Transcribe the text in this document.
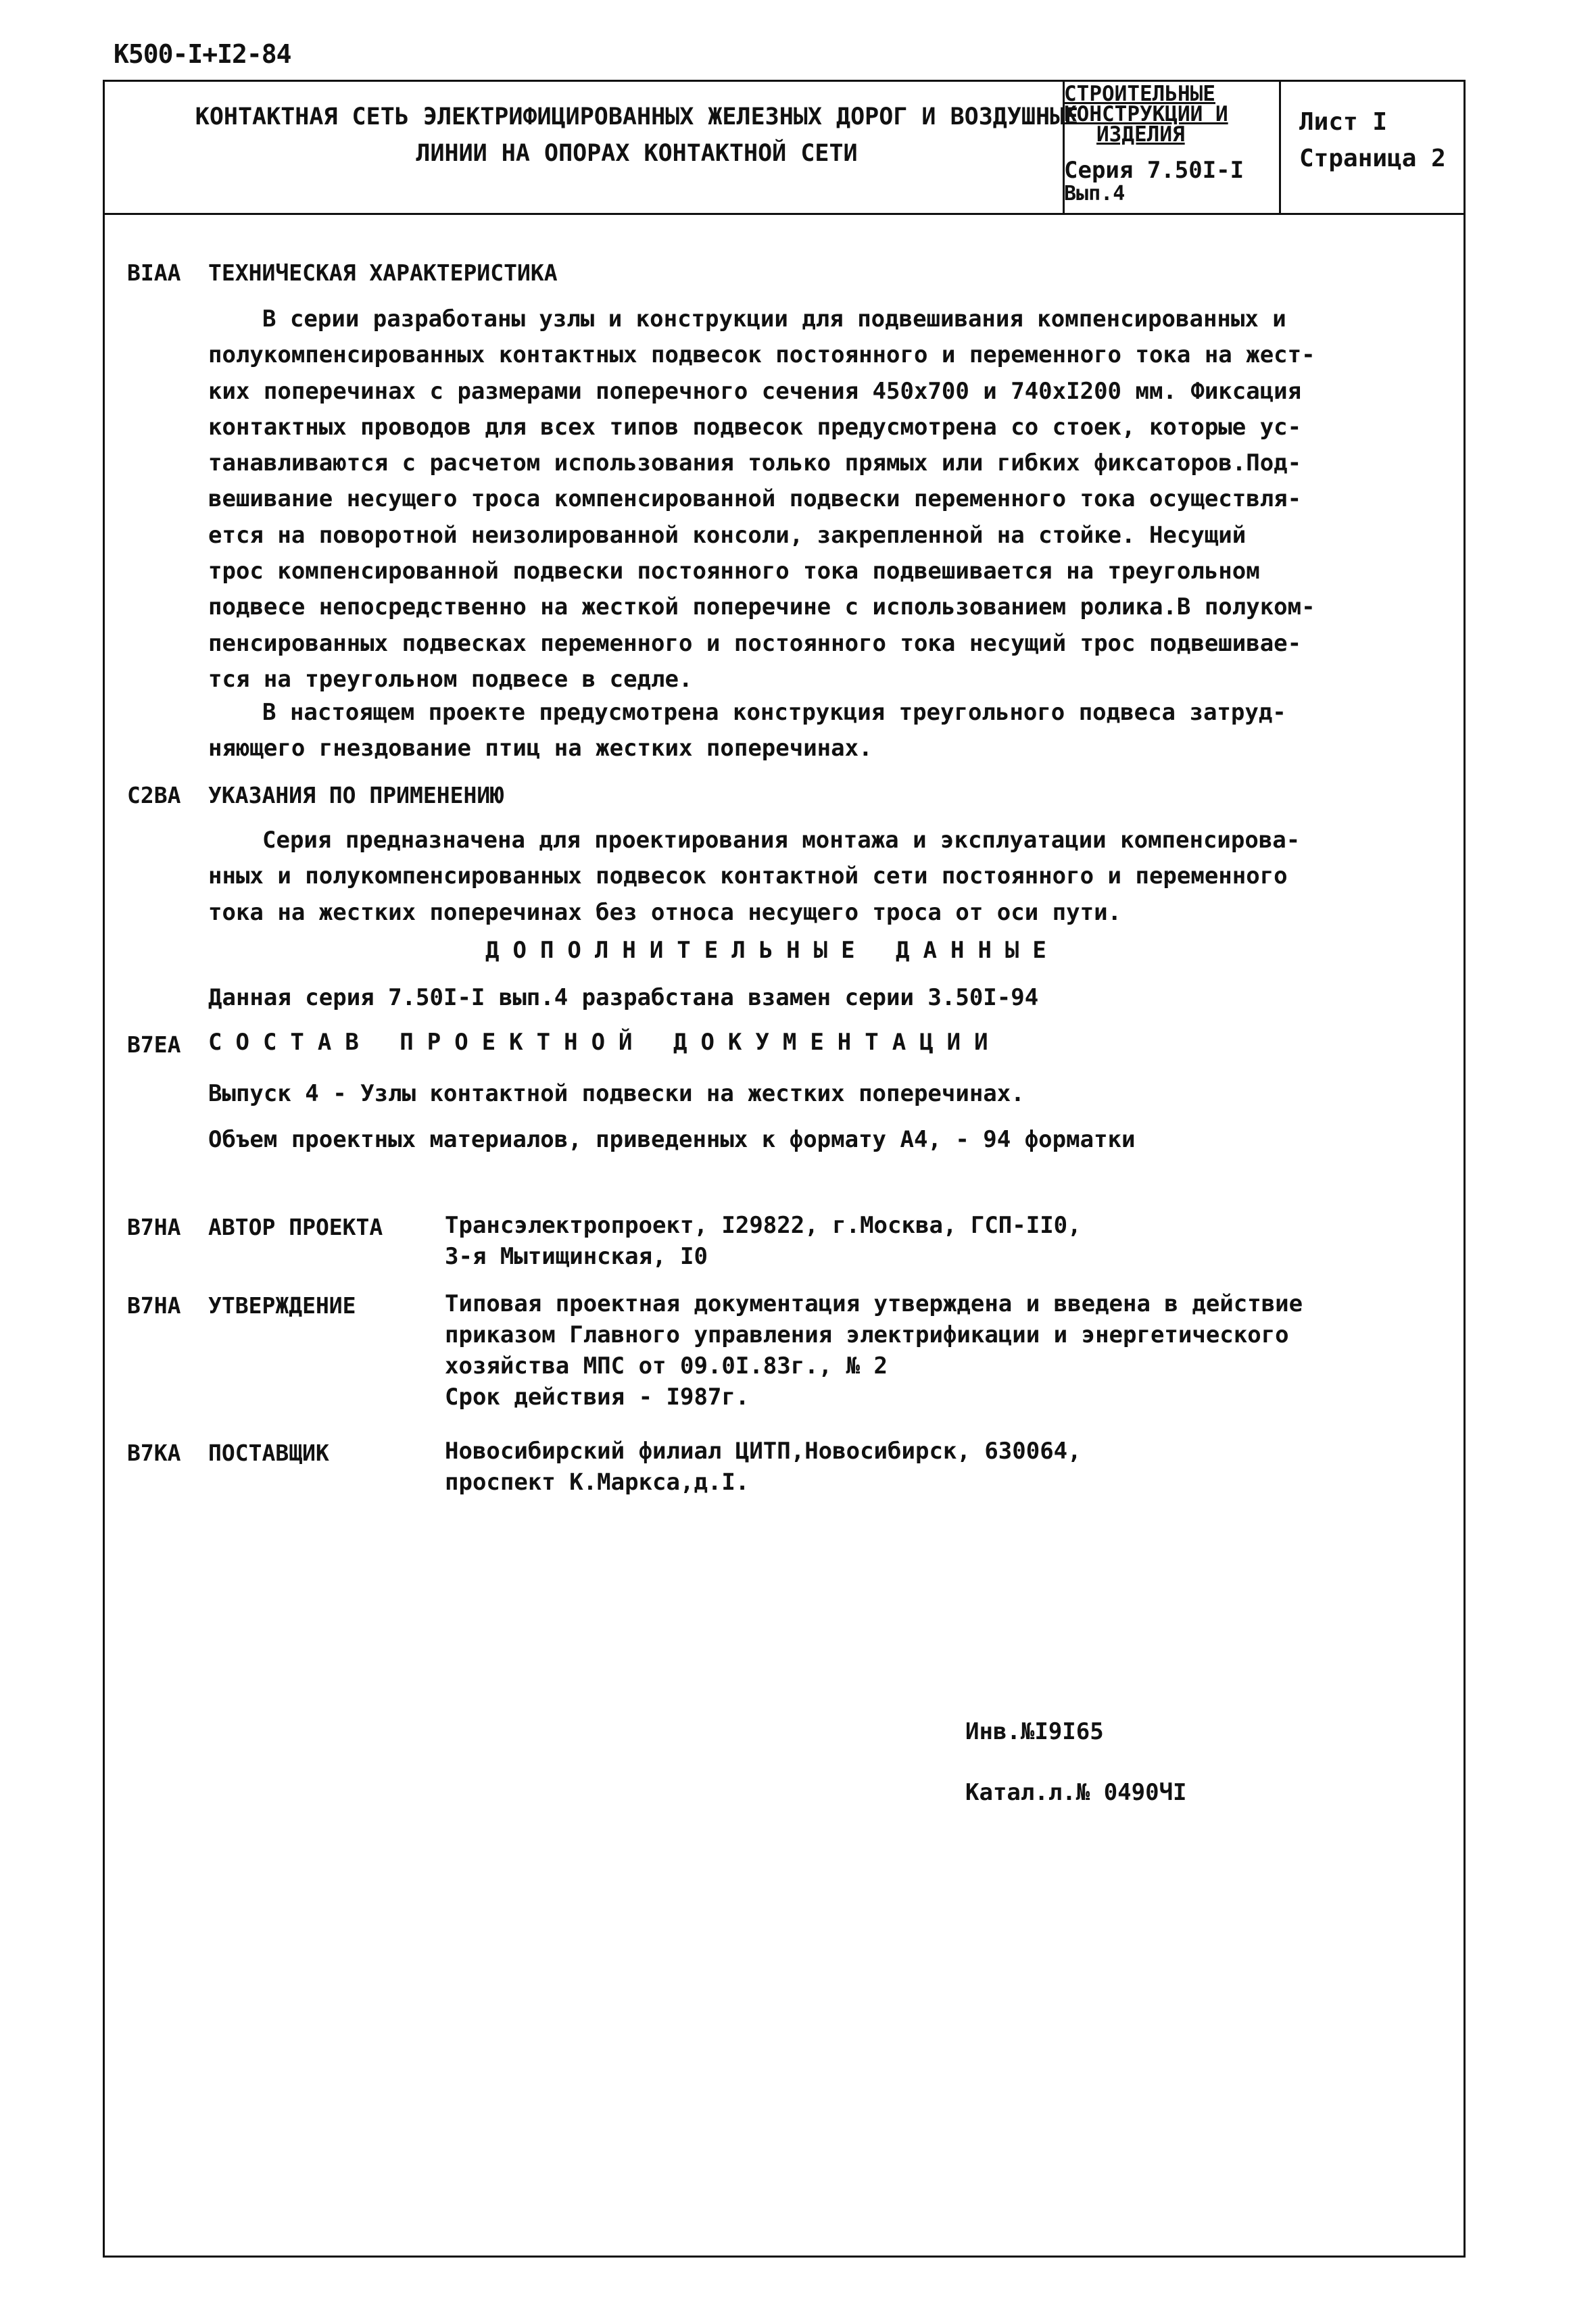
К500-I+I2-84
КОНТАКТНАЯ СЕТЬ ЭЛЕКТРИФИЦИРОВАННЫХ ЖЕЛЕЗНЫХ ДОРОГ И ВОЗДУШНЫЕ
ЛИНИИ НА ОПОРАХ КОНТАКТНОЙ СЕТИ
СТРОИТЕЛЬНЫЕ
КОНСТРУКЦИИ И
ИЗДЕЛИЯ
Серия 7.50I-I
Вып.4
Лист I
Страница 2
BIAA ТЕХНИЧЕСКАЯ ХАРАКТЕРИСТИКА
В серии разработаны узлы и конструкции для подвешивания компенсированных и
полукомпенсированных контактных подвесок постоянного и переменного тока на жест-
ких поперечинах с размерами поперечного сечения 450х700 и 740хI200 мм. Фиксация
контактных проводов для всех типов подвесок предусмотрена со стоек, которые ус-
танавливаются с расчетом использования только прямых или гибких фиксаторов.Под-
вешивание несущего троса компенсированной подвески переменного тока осуществля-
ется на поворотной неизолированной консоли, закрепленной на стойке. Несущий
трос компенсированной подвески постоянного тока подвешивается на треугольном
подвесе непосредственно на жесткой поперечине с использованием ролика.В полуком-
пенсированных подвесках переменного и постоянного тока несущий трос подвешивае-
тся на треугольном подвесе в седле.
В настоящем проекте предусмотрена конструкция треугольного подвеса затруд-
няющего гнездование птиц на жестких поперечинах.
C2BA УКАЗАНИЯ ПО ПРИМЕНЕНИЮ
Серия предназначена для проектирования монтажа и эксплуатации компенсирова-
нных и полукомпенсированных подвесок контактной сети постоянного и переменного
тока на жестких поперечинах без относа несущего троса от оси пути.
ДОПОЛНИТЕЛЬНЫЕ ДАННЫЕ
Данная серия 7.50I-I вып.4 разрабстана взамен серии 3.50I-94
B7EA СОСТАВ ПРОЕКТНОЙ ДОКУМЕНТАЦИИ
Выпуск 4 - Узлы контактной подвески на жестких поперечинах.
Объем проектных материалов, приведенных к формату А4, - 94 форматки
B7HA АВТОР ПРОЕКТА	Трансэлектропроект, I29822, г.Москва, ГСП-II0,
3-я Мытищинская, I0
B7HA УТВЕРЖДЕНИЕ	Типовая проектная документация утверждена и введена в действие
приказом Главного управления электрификации и энергетического
хозяйства МПС от 09.0I.83г., № 2
Срок действия - I987г.
B7KA ПОСТАВЩИК	Новосибирский филиал ЦИТП,Новосибирск, 630064,
проспект К.Маркса,д.I.
Инв.№I9I65
Катал.л.№ 0490ЧI
